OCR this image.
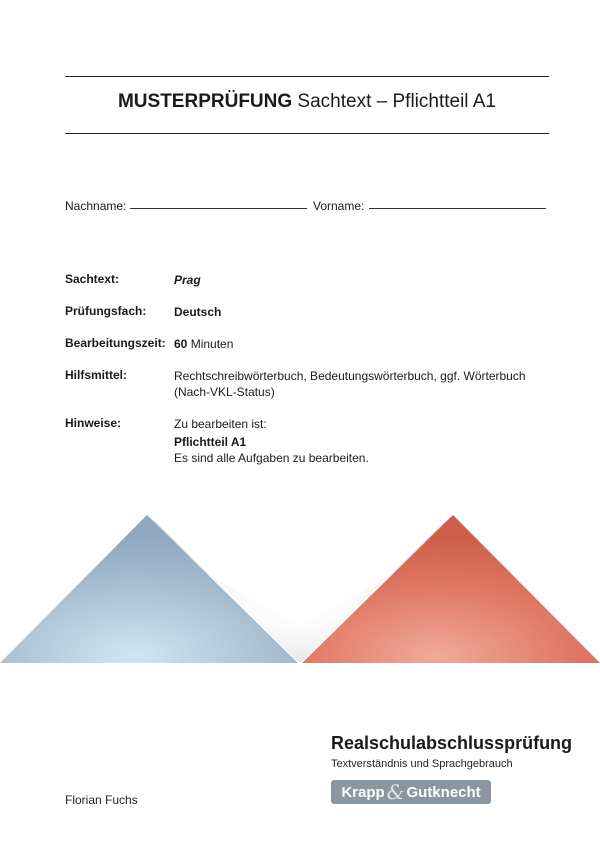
MUSTERPRÜFUNG Sachtext – Pflichtteil A1
Nachname:	Vorname:
Sachtext:	Prag
Prüfungsfach: Deutsch
Bearbeitungszeit: 60 Minuten
Hilfsmittel:	Rechtschreibwörterbuch, Bedeutungswörterbuch, ggf. Wörterbuch
(Nach-VKL-Status)
Hinweise:	Zu bearbeiten ist:
Pflichtteil A1
Es sind alle Aufgaben zu bearbeiten.
Realschulabschlussprüfung
Textverständnis und Sprachgebrauch
Florian Fuchs	Krapp & Gutknecht
